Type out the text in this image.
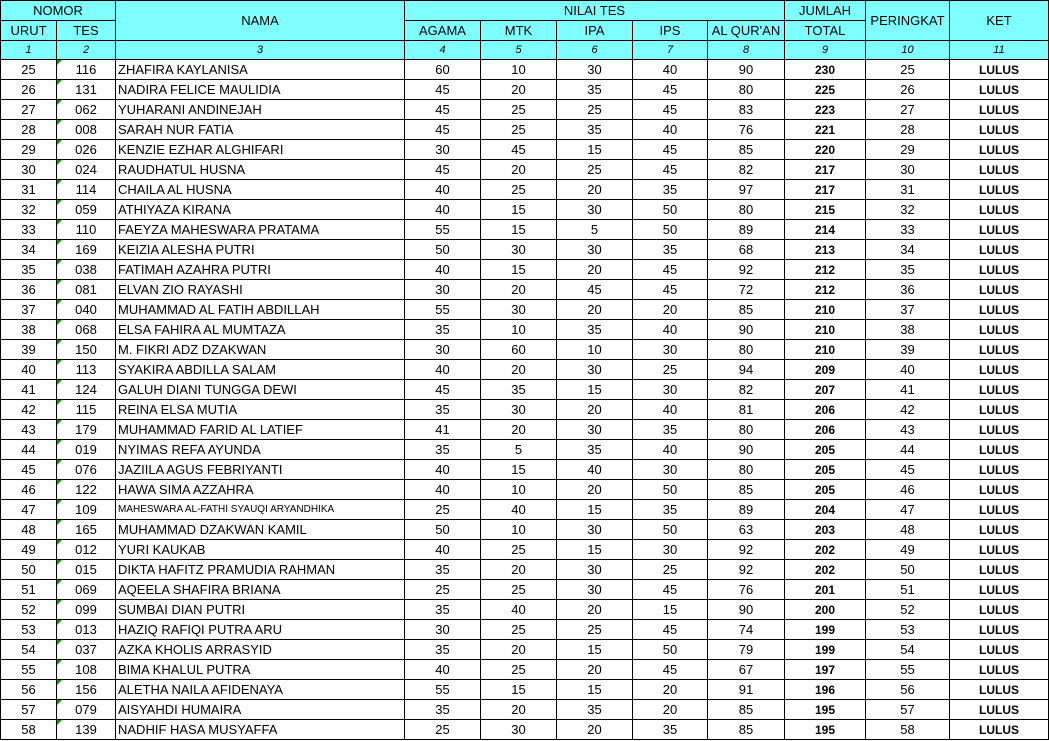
NOMOR		NAMA	NILAI TES					JUMLAH	PERINGKAT	KET
URUT	TES		AGAMA	MTK	IPA	IPS	AL QUR'AN	TOTAL		
1	2	3	4	5	6	7	8	9	10	11
25	116	ZHAFIRA KAYLANISA	60	10	30	40	90	230	25	LULUS
26	131	NADIRA FELICE MAULIDIA	45	20	35	45	80	225	26	LULUS
27	062	YUHARANI ANDINEJAH	45	25	25	45	83	223	27	LULUS
28	008	SARAH NUR FATIA	45	25	35	40	76	221	28	LULUS
29	026	KENZIE EZHAR ALGHIFARI	30	45	15	45	85	220	29	LULUS
30	024	RAUDHATUL HUSNA	45	20	25	45	82	217	30	LULUS
31	114	CHAILA AL HUSNA	40	25	20	35	97	217	31	LULUS
32	059	ATHIYAZA KIRANA	40	15	30	50	80	215	32	LULUS
33	110	FAEYZA MAHESWARA PRATAMA	55	15	5	50	89	214	33	LULUS
34	169	KEIZIA ALESHA PUTRI	50	30	30	35	68	213	34	LULUS
35	038	FATIMAH AZAHRA PUTRI	40	15	20	45	92	212	35	LULUS
36	081	ELVAN ZIO RAYASHI	30	20	45	45	72	212	36	LULUS
37	040	MUHAMMAD AL FATIH ABDILLAH	55	30	20	20	85	210	37	LULUS
38	068	ELSA FAHIRA AL MUMTAZA	35	10	35	40	90	210	38	LULUS
39	150	M. FIKRI ADZ DZAKWAN	30	60	10	30	80	210	39	LULUS
40	113	SYAKIRA ABDILLA SALAM	40	20	30	25	94	209	40	LULUS
41	124	GALUH DIANI TUNGGA DEWI	45	35	15	30	82	207	41	LULUS
42	115	REINA ELSA MUTIA	35	30	20	40	81	206	42	LULUS
43	179	MUHAMMAD FARID AL LATIEF	41	20	30	35	80	206	43	LULUS
44	019	NYIMAS REFA AYUNDA	35	5	35	40	90	205	44	LULUS
45	076	JAZIILA AGUS FEBRIYANTI	40	15	40	30	80	205	45	LULUS
46	122	HAWA SIMA AZZAHRA	40	10	20	50	85	205	46	LULUS
47	109	MAHESWARA AL-FATHI SYAUQI ARYANDHIKA	25	40	15	35	89	204	47	LULUS
48	165	MUHAMMAD DZAKWAN KAMIL	50	10	30	50	63	203	48	LULUS
49	012	YURI KAUKAB	40	25	15	30	92	202	49	LULUS
50	015	DIKTA HAFITZ PRAMUDIA RAHMAN	35	20	30	25	92	202	50	LULUS
51	069	AQEELA SHAFIRA BRIANA	25	25	30	45	76	201	51	LULUS
52	099	SUMBAI DIAN PUTRI	35	40	20	15	90	200	52	LULUS
53	013	HAZIQ RAFIQI PUTRA ARU	30	25	25	45	74	199	53	LULUS
54	037	AZKA KHOLIS ARRASYID	35	20	15	50	79	199	54	LULUS
55	108	BIMA KHALUL PUTRA	40	25	20	45	67	197	55	LULUS
56	156	ALETHA NAILA AFIDENAYA	55	15	15	20	91	196	56	LULUS
57	079	AISYAHDI HUMAIRA	35	20	35	20	85	195	57	LULUS
58	139	NADHIF HASA MUSYAFFA	25	30	20	35	85	195	58	LULUS
